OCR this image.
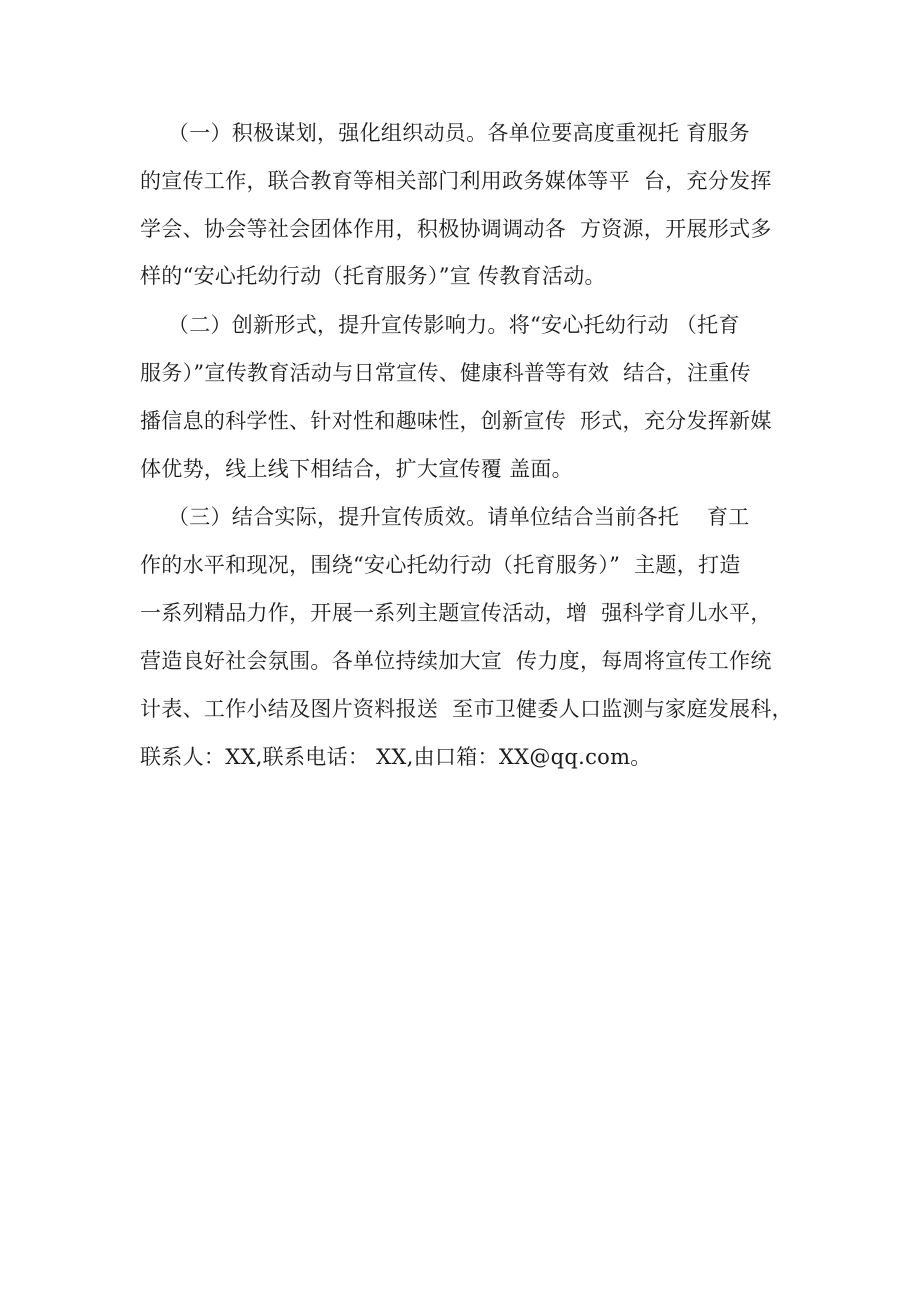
（一）积极谋划，强化组织动员。各单位要高度重视托 育服务
的宣传工作，联合教育等相关部门利用政务媒体等平  台，充分发挥
学会、协会等社会团体作用，积极协调调动各  方资源，开展形式多
样的“安心托幼行动（托育服务）”宣 传教育活动。
（二）创新形式，提升宣传影响力。将“安心托幼行动 （托育
服务）”宣传教育活动与日常宣传、健康科普等有效  结合，注重传
播信息的科学性、针对性和趣味性，创新宣传  形式，充分发挥新媒
体优势，线上线下相结合，扩大宣传覆 盖面。
（三）结合实际，提升宣传质效。请单位结合当前各托    育工
作的水平和现况，围绕“安心托幼行动（托育服务）”  主题，打造
一系列精品力作，开展一系列主题宣传活动，增  强科学育儿水平，
营造良好社会氛围。各单位持续加大宣  传力度，每周将宣传工作统
计表、工作小结及图片资料报送  至市卫健委人口监测与家庭发展科，
联系人：XX,联系电话： XX,由口箱：XX@qq.com。
